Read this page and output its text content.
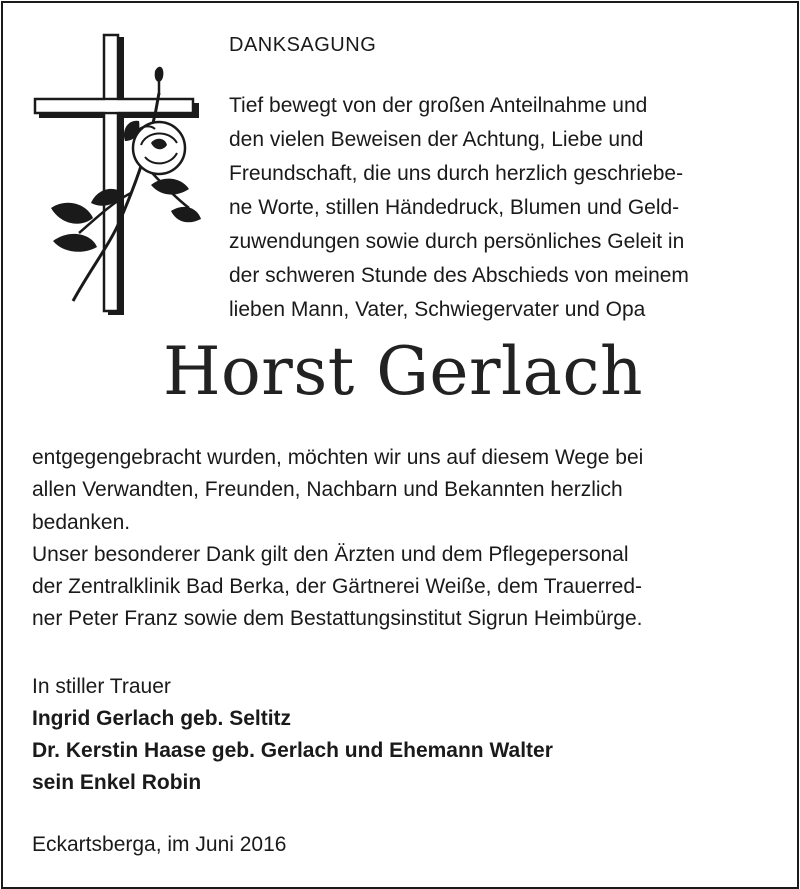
DANKSAGUNG

Tief bewegt von der großen Anteilnahme und
den vielen Beweisen der Achtung, Liebe und
Freundschaft, die uns durch herzlich geschriebe-
ne Worte, stillen Händedruck, Blumen und Geld-
zuwendungen sowie durch persönliches Geleit in
der schweren Stunde des Abschieds von meinem
lieben Mann, Vater, Schwiegervater und Opa

Horst Gerlach

entgegengebracht wurden, möchten wir uns auf diesem Wege bei
allen Verwandten, Freunden, Nachbarn und Bekannten herzlich
bedanken.
Unser besonderer Dank gilt den Ärzten und dem Pflegepersonal
der Zentralklinik Bad Berka, der Gärtnerei Weiße, dem Trauerred-
ner Peter Franz sowie dem Bestattungsinstitut Sigrun Heimbürge.

In stiller Trauer
Ingrid Gerlach geb. Seltitz
Dr. Kerstin Haase geb. Gerlach und Ehemann Walter
sein Enkel Robin

Eckartsberga, im Juni 2016
